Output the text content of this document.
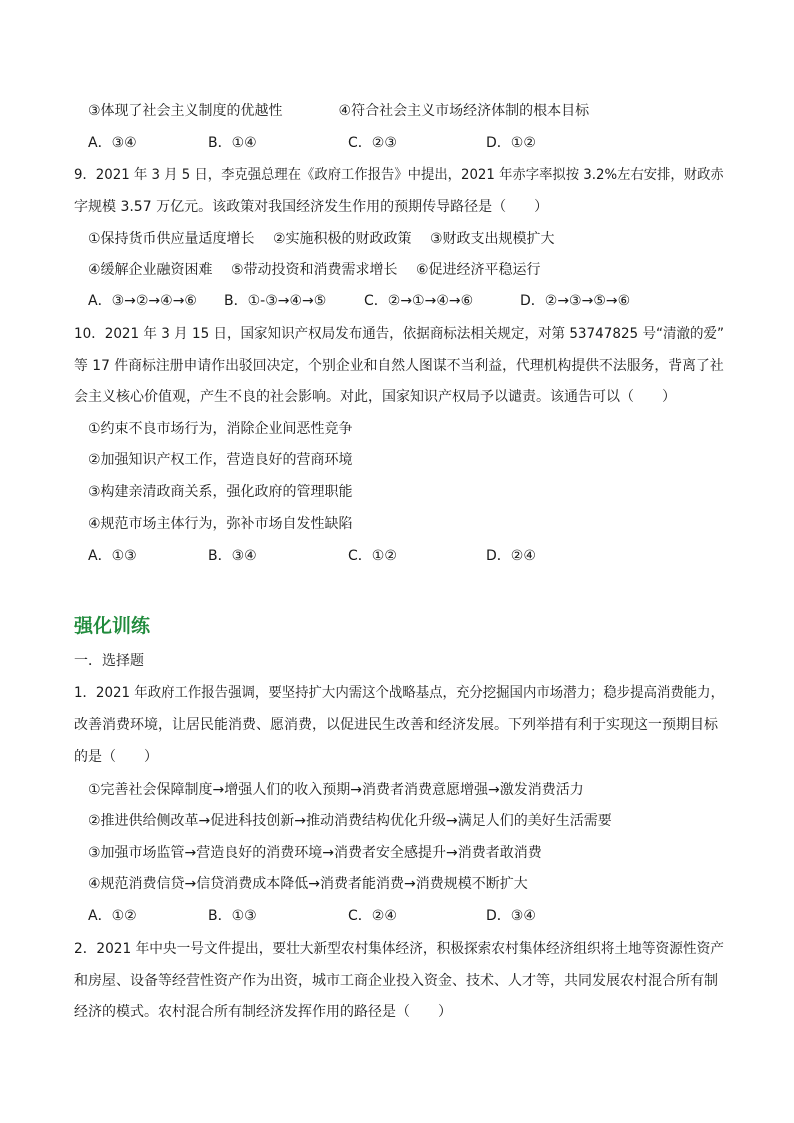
③体现了社会主义制度的优越性　　　　④符合社会主义市场经济体制的根本目标
A．③④	B．①④	C．②③	D．①②
9．2021 年 3 月 5 日，李克强总理在《政府工作报告》中提出，2021 年赤字率拟按 3.2%左右安排，财政赤
字规模 3.57 万亿元。该政策对我国经济发生作用的预期传导路径是（　　）
①保持货币供应量适度增长　 ②实施积极的财政政策　 ③财政支出规模扩大
④缓解企业融资困难　 ⑤带动投资和消费需求增长　 ⑥促进经济平稳运行
A．③→②→④→⑥ B．①-③→④→⑤	C．②→①→④→⑥	D．②→③→⑤→⑥
10．2021 年 3 月 15 日，国家知识产权局发布通告，依据商标法相关规定，对第 53747825 号“清澈的爱”
等 17 件商标注册申请作出驳回决定，个别企业和自然人图谋不当利益，代理机构提供不法服务，背离了社
会主义核心价值观，产生不良的社会影响。对此，国家知识产权局予以谴责。该通告可以（　　）
①约束不良市场行为，消除企业间恶性竞争
②加强知识产权工作，营造良好的营商环境
③构建亲清政商关系，强化政府的管理职能
④规范市场主体行为，弥补市场自发性缺陷
A．①③	B．③④	C．①②	D．②④
强化训练
一．选择题
1．2021 年政府工作报告强调，要坚持扩大内需这个战略基点，充分挖掘国内市场潜力；稳步提高消费能力，
改善消费环境，让居民能消费、愿消费，以促进民生改善和经济发展。下列举措有利于实现这一预期目标
的是（　　）
①完善社会保障制度→增强人们的收入预期→消费者消费意愿增强→激发消费活力
②推进供给侧改革→促进科技创新→推动消费结构优化升级→满足人们的美好生活需要
③加强市场监管→营造良好的消费环境→消费者安全感提升→消费者敢消费
④规范消费信贷→信贷消费成本降低→消费者能消费→消费规模不断扩大
A．①②	B．①③	C．②④	D．③④
2．2021 年中央一号文件提出，要壮大新型农村集体经济，积极探索农村集体经济组织将土地等资源性资产
和房屋、设备等经营性资产作为出资，城市工商企业投入资金、技术、人才等，共同发展农村混合所有制
经济的模式。农村混合所有制经济发挥作用的路径是（　　）
